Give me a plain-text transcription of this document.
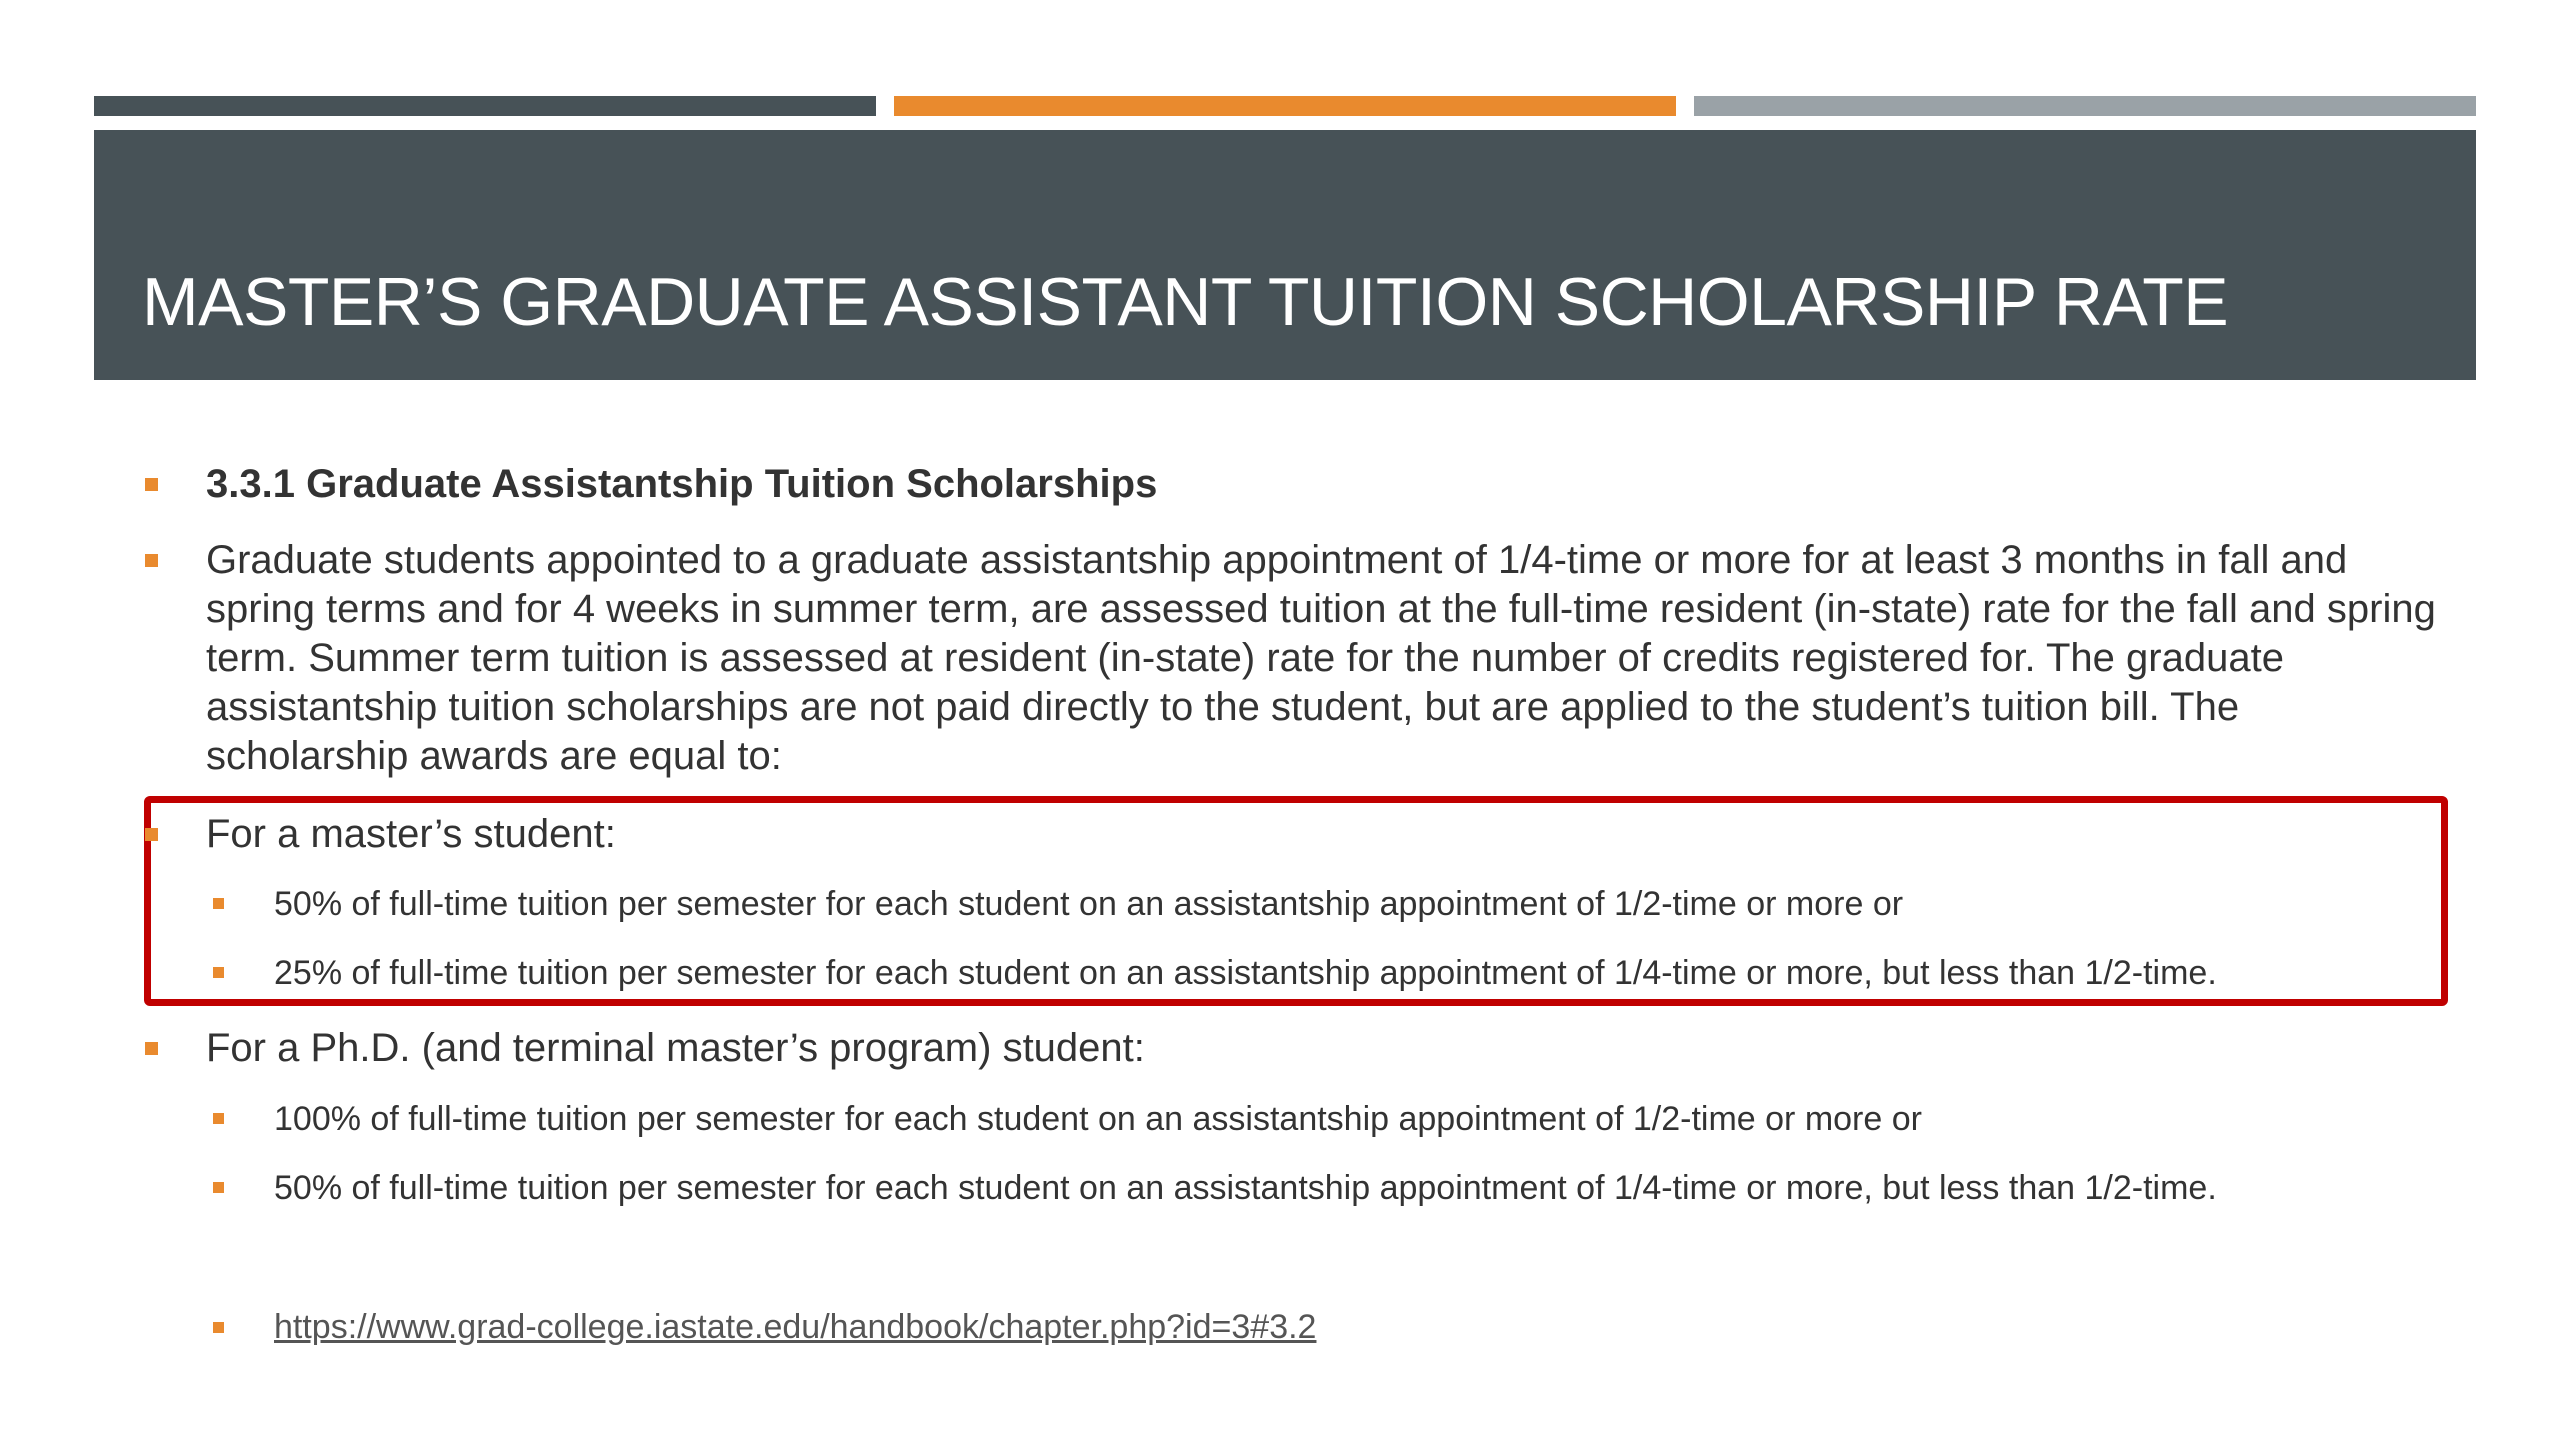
MASTER’S GRADUATE ASSISTANT TUITION SCHOLARSHIP RATE
3.3.1 Graduate Assistantship Tuition Scholarships
Graduate students appointed to a graduate assistantship appointment of 1/4-time or more for at least 3 months in fall and spring terms and for 4 weeks in summer term, are assessed tuition at the full-time resident (in-state) rate for the fall and spring term. Summer term tuition is assessed at resident (in-state) rate for the number of credits registered for. The graduate assistantship tuition scholarships are not paid directly to the student, but are applied to the student’s tuition bill. The scholarship awards are equal to:
For a master’s student:
50% of full-time tuition per semester for each student on an assistantship appointment of 1/2-time or more or
25% of full-time tuition per semester for each student on an assistantship appointment of 1/4-time or more, but less than 1/2-time.
For a Ph.D. (and terminal master’s program) student:
100% of full-time tuition per semester for each student on an assistantship appointment of 1/2-time or more or
50% of full-time tuition per semester for each student on an assistantship appointment of 1/4-time or more, but less than 1/2-time.
https://www.grad-college.iastate.edu/handbook/chapter.php?id=3#3.2
